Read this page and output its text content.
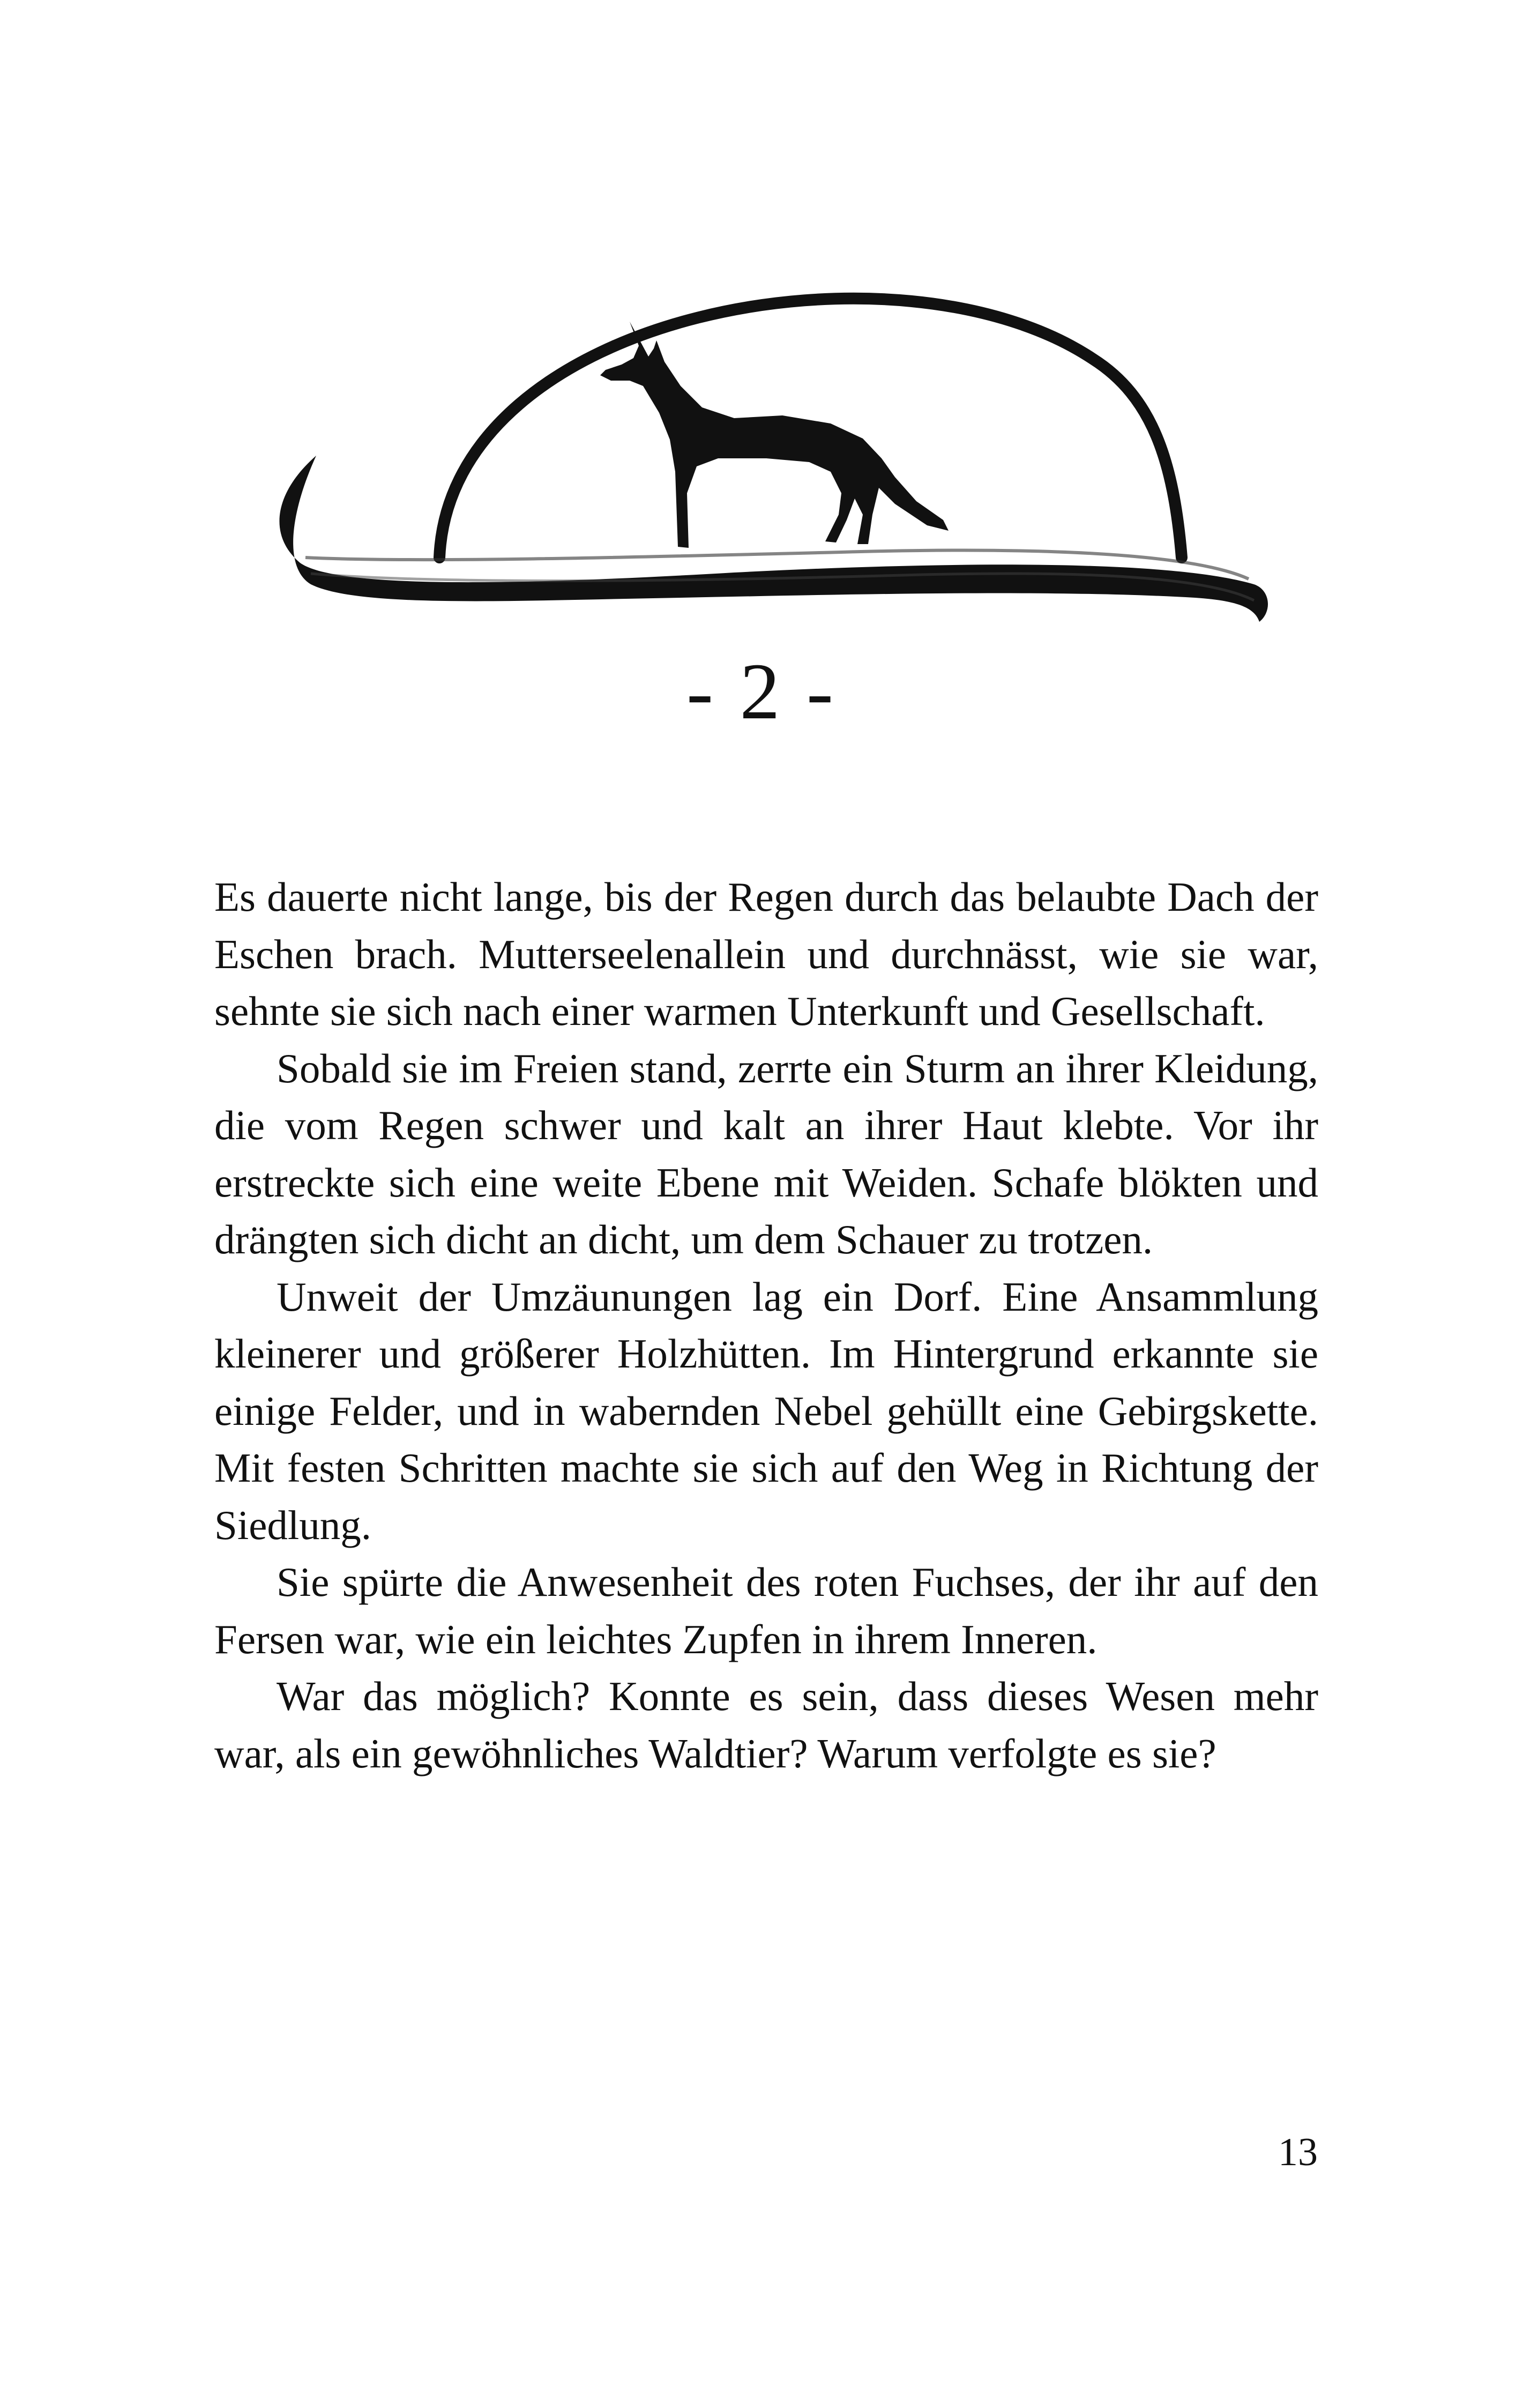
- 2 -

Es dauerte nicht lange, bis der Regen durch das belaubte Dach der Eschen brach. Mutterseelenallein und durchnässt, wie sie war, sehnte sie sich nach einer warmen Unterkunft und Gesellschaft.

Sobald sie im Freien stand, zerrte ein Sturm an ihrer Kleidung, die vom Regen schwer und kalt an ihrer Haut klebte. Vor ihr erstreckte sich eine weite Ebene mit Weiden. Schafe blökten und drängten sich dicht an dicht, um dem Schauer zu trotzen.

Unweit der Umzäunungen lag ein Dorf. Eine Ansammlung kleinerer und größerer Holzhütten. Im Hintergrund erkannte sie einige Felder, und in wabernden Nebel gehüllt eine Gebirgskette. Mit festen Schritten machte sie sich auf den Weg in Richtung der Siedlung.

Sie spürte die Anwesenheit des roten Fuchses, der ihr auf den Fersen war, wie ein leichtes Zupfen in ihrem Inneren.

War das möglich? Konnte es sein, dass dieses Wesen mehr war, als ein gewöhnliches Waldtier? Warum verfolgte es sie?

13
